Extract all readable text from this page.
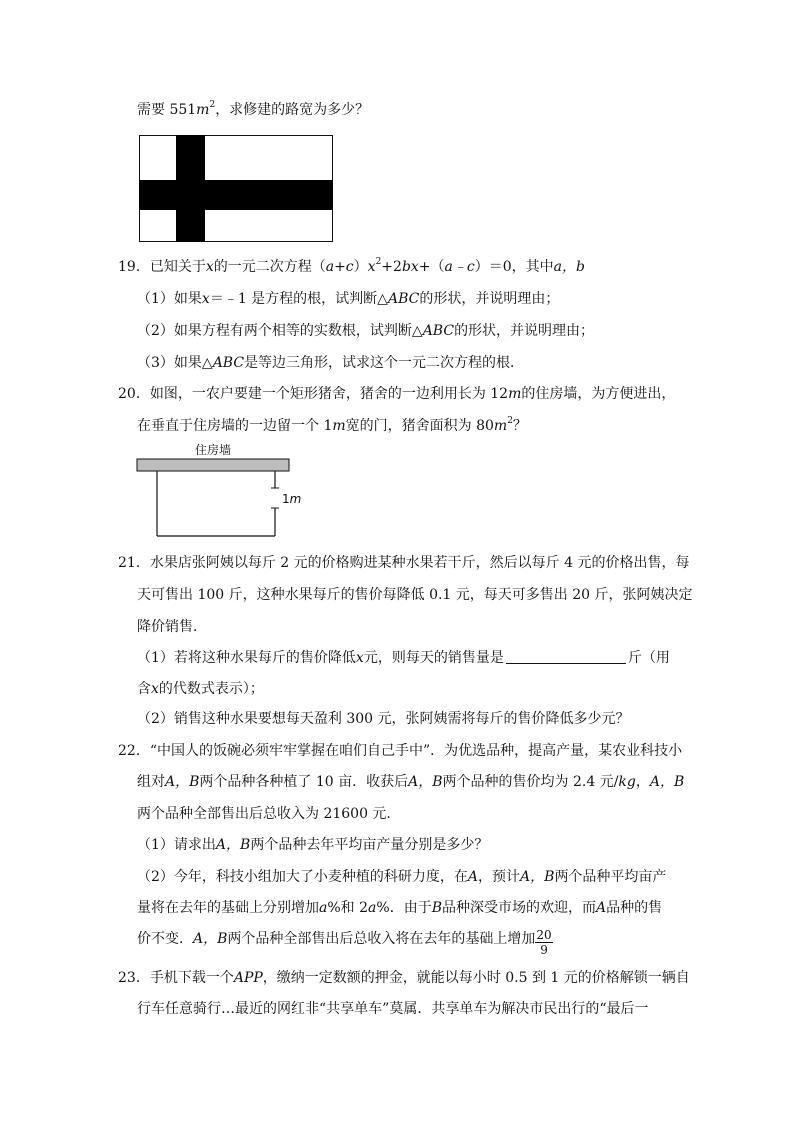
需要 $551m^2$，求修建的路宽为多少？
19．已知关于x的一元二次方程$(a+c)x^2+2bx+(a﹣c)=0$，其中a，b
（1）如果x＝﹣1 是方程的根，试判断△ABC的形状，并说明理由；
（2）如果方程有两个相等的实数根，试判断△ABC的形状，并说明理由；
（3）如果△ABC是等边三角形，试求这个一元二次方程的根．
20．如图，一农户要建一个矩形猪舍，猪舍的一边利用长为 12m的住房墙，为方便进出，
在垂直于住房墙的一边留一个 1m宽的门，猪舍面积为 $80m^2$？
住房墙
1m
21．水果店张阿姨以每斤 2 元的价格购进某种水果若干斤，然后以每斤 4 元的价格出售，每
天可售出 100 斤，这种水果每斤的售价每降低 0.1 元，每天可多售出 20 斤，张阿姨决定
降价销售．
（1）若将这种水果每斤的售价降低x元，则每天的销售量是	斤（用
含x的代数式表示）；
（2）销售这种水果要想每天盈利 300 元，张阿姨需将每斤的售价降低多少元？
22．“中国人的饭碗必须牢牢掌握在咱们自己手中”．为优选品种，提高产量，某农业科技小
组对A，B两个品种各种植了 10 亩．收获后A，B两个品种的售价均为 2.4 元/kg，A，B
两个品种全部售出后总收入为 21600 元．
（1）请求出A，B两个品种去年平均亩产量分别是多少？
（2）今年，科技小组加大了小麦种植的科研力度，在A，预计A，B两个品种平均亩产
量将在去年的基础上分别增加a%和 2a%．由于B品种深受市场的欢迎，而A品种的售
价不变．A，B两个品种全部售出后总收入将在去年的基础上增加 $\frac{20}{9}$
23．手机下载一个APP，缴纳一定数额的押金，就能以每小时 0.5 到 1 元的价格解锁一辆自
行车任意骑行…最近的网红非“共享单车”莫属．共享单车为解决市民出行的“最后一
